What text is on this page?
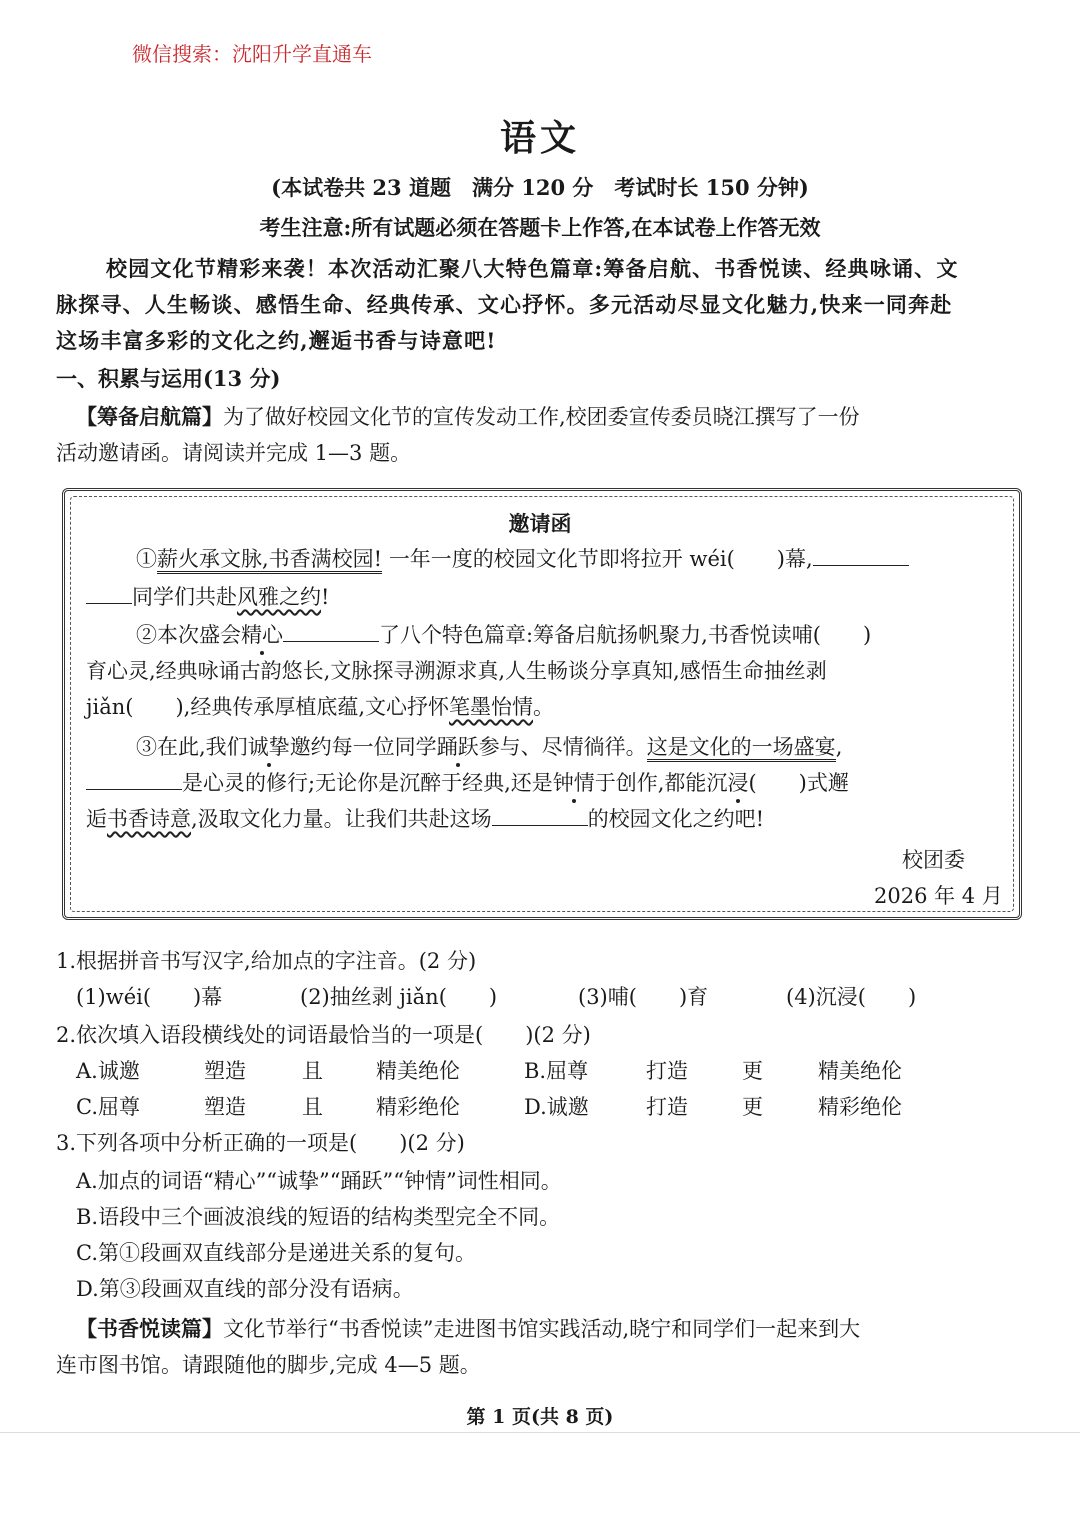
微信搜索：沈阳升学直通车
语文
(本试卷共 23 道题　满分 120 分　考试时长 150 分钟)
考生注意:所有试题必须在答题卡上作答,在本试卷上作答无效
校园文化节精彩来袭！本次活动汇聚八大特色篇章:筹备启航、书香悦读、经典咏诵、文
脉探寻、人生畅谈、感悟生命、经典传承、文心抒怀。多元活动尽显文化魅力,快来一同奔赴
这场丰富多彩的文化之约,邂逅书香与诗意吧!
一、积累与运用(13 分)
【筹备启航篇】为了做好校园文化节的宣传发动工作,校团委宣传委员晓江撰写了一份
活动邀请函。请阅读并完成 1—3 题。
邀请函
①薪火承文脉,书香满校园! 一年一度的校园文化节即将拉开 wéi(　　)幕,
同学们共赴风雅之约!
②本次盛会精心	了八个特色篇章:筹备启航扬帆聚力,书香悦读哺(　　)
育心灵,经典咏诵古韵悠长,文脉探寻溯源求真,人生畅谈分享真知,感悟生命抽丝剥
jiǎn(　　),经典传承厚植底蕴,文心抒怀笔墨怡情。
③在此,我们诚挚邀约每一位同学踊跃参与、尽情徜徉。这是文化的一场盛宴,
是心灵的修行;无论你是沉醉于经典,还是钟情于创作,都能沉浸(　　)式邂
逅书香诗意,汲取文化力量。让我们共赴这场	的校园文化之约吧!
校团委
2026 年 4 月
1.根据拼音书写汉字,给加点的字注音。(2 分)
(1)wéi(　　)幕	(2)抽丝剥 jiǎn(　　)	(3)哺(　　)育	(4)沉浸(　　)
2.依次填入语段横线处的词语最恰当的一项是(　　)(2 分)
A.诚邀	塑造	且	精美绝伦	B.屈尊	打造	更	精美绝伦
C.屈尊	塑造	且	精彩绝伦	D.诚邀	打造	更	精彩绝伦
3.下列各项中分析正确的一项是(　　)(2 分)
A.加点的词语“精心”“诚挚”“踊跃”“钟情”词性相同。
B.语段中三个画波浪线的短语的结构类型完全不同。
C.第①段画双直线部分是递进关系的复句。
D.第③段画双直线的部分没有语病。
【书香悦读篇】文化节举行“书香悦读”走进图书馆实践活动,晓宁和同学们一起来到大
连市图书馆。请跟随他的脚步,完成 4—5 题。
第 1 页(共 8 页)
